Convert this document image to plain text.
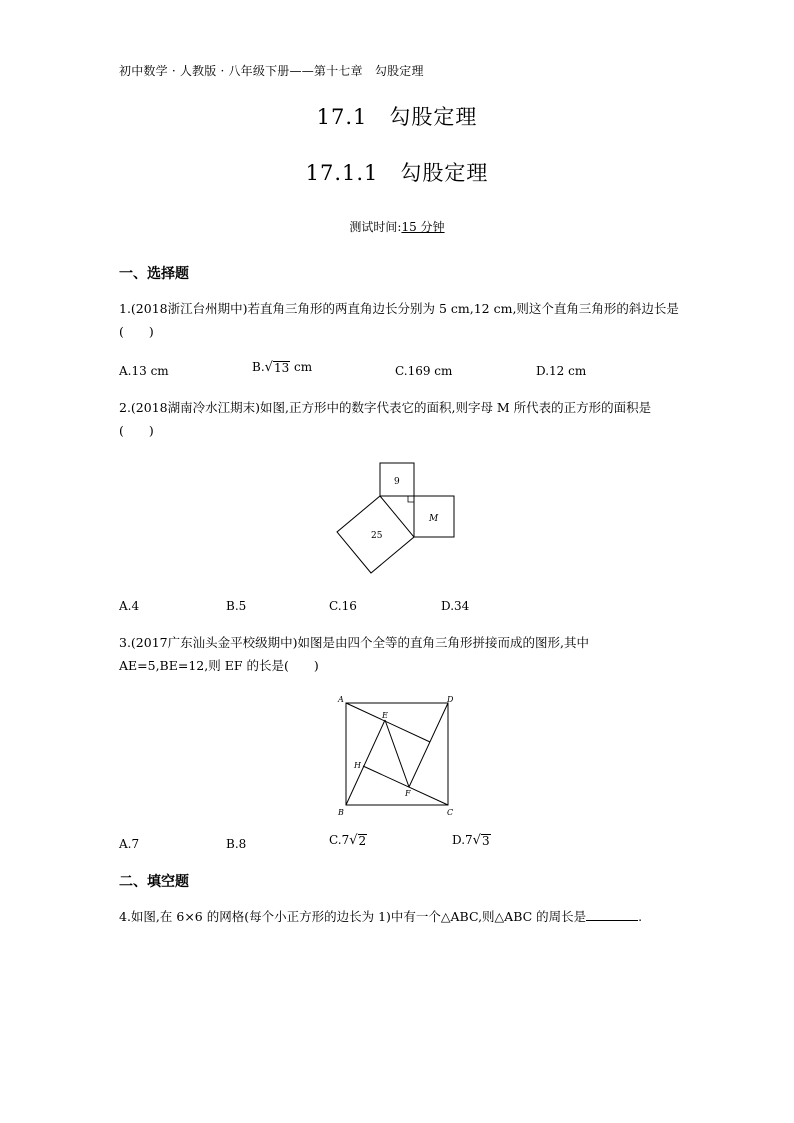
初中数学 · 人教版 · 八年级下册——第十七章　勾股定理
17.1　勾股定理
17.1.1　勾股定理
测试时间:15 分钟
一、选择题
1.(2018浙江台州期中)若直角三角形的两直角边长分别为 5 cm,12 cm,则这个直角三角形的斜边长是(　　)
A.13 cm	B. √ 13 cm	C.169 cm	D.12 cm
2.(2018湖南冷水江期末)如图,正方形中的数字代表它的面积,则字母 M 所代表的正方形的面积是(　　)
9
25
M
A.4	B.5	C.16	D.34
3.(2017广东汕头金平校级期中)如图是由四个全等的直角三角形拼接而成的图形,其中 AE=5,BE=12,则 EF 的长是(　　)
A	D
B	C
E
F
H
A.7	B.8	C.7 √ 2	D.7 √ 3
二、填空题
4.如图,在 6×6 的网格(每个小正方形的边长为 1)中有一个△ABC,则△ABC 的周长是	.
